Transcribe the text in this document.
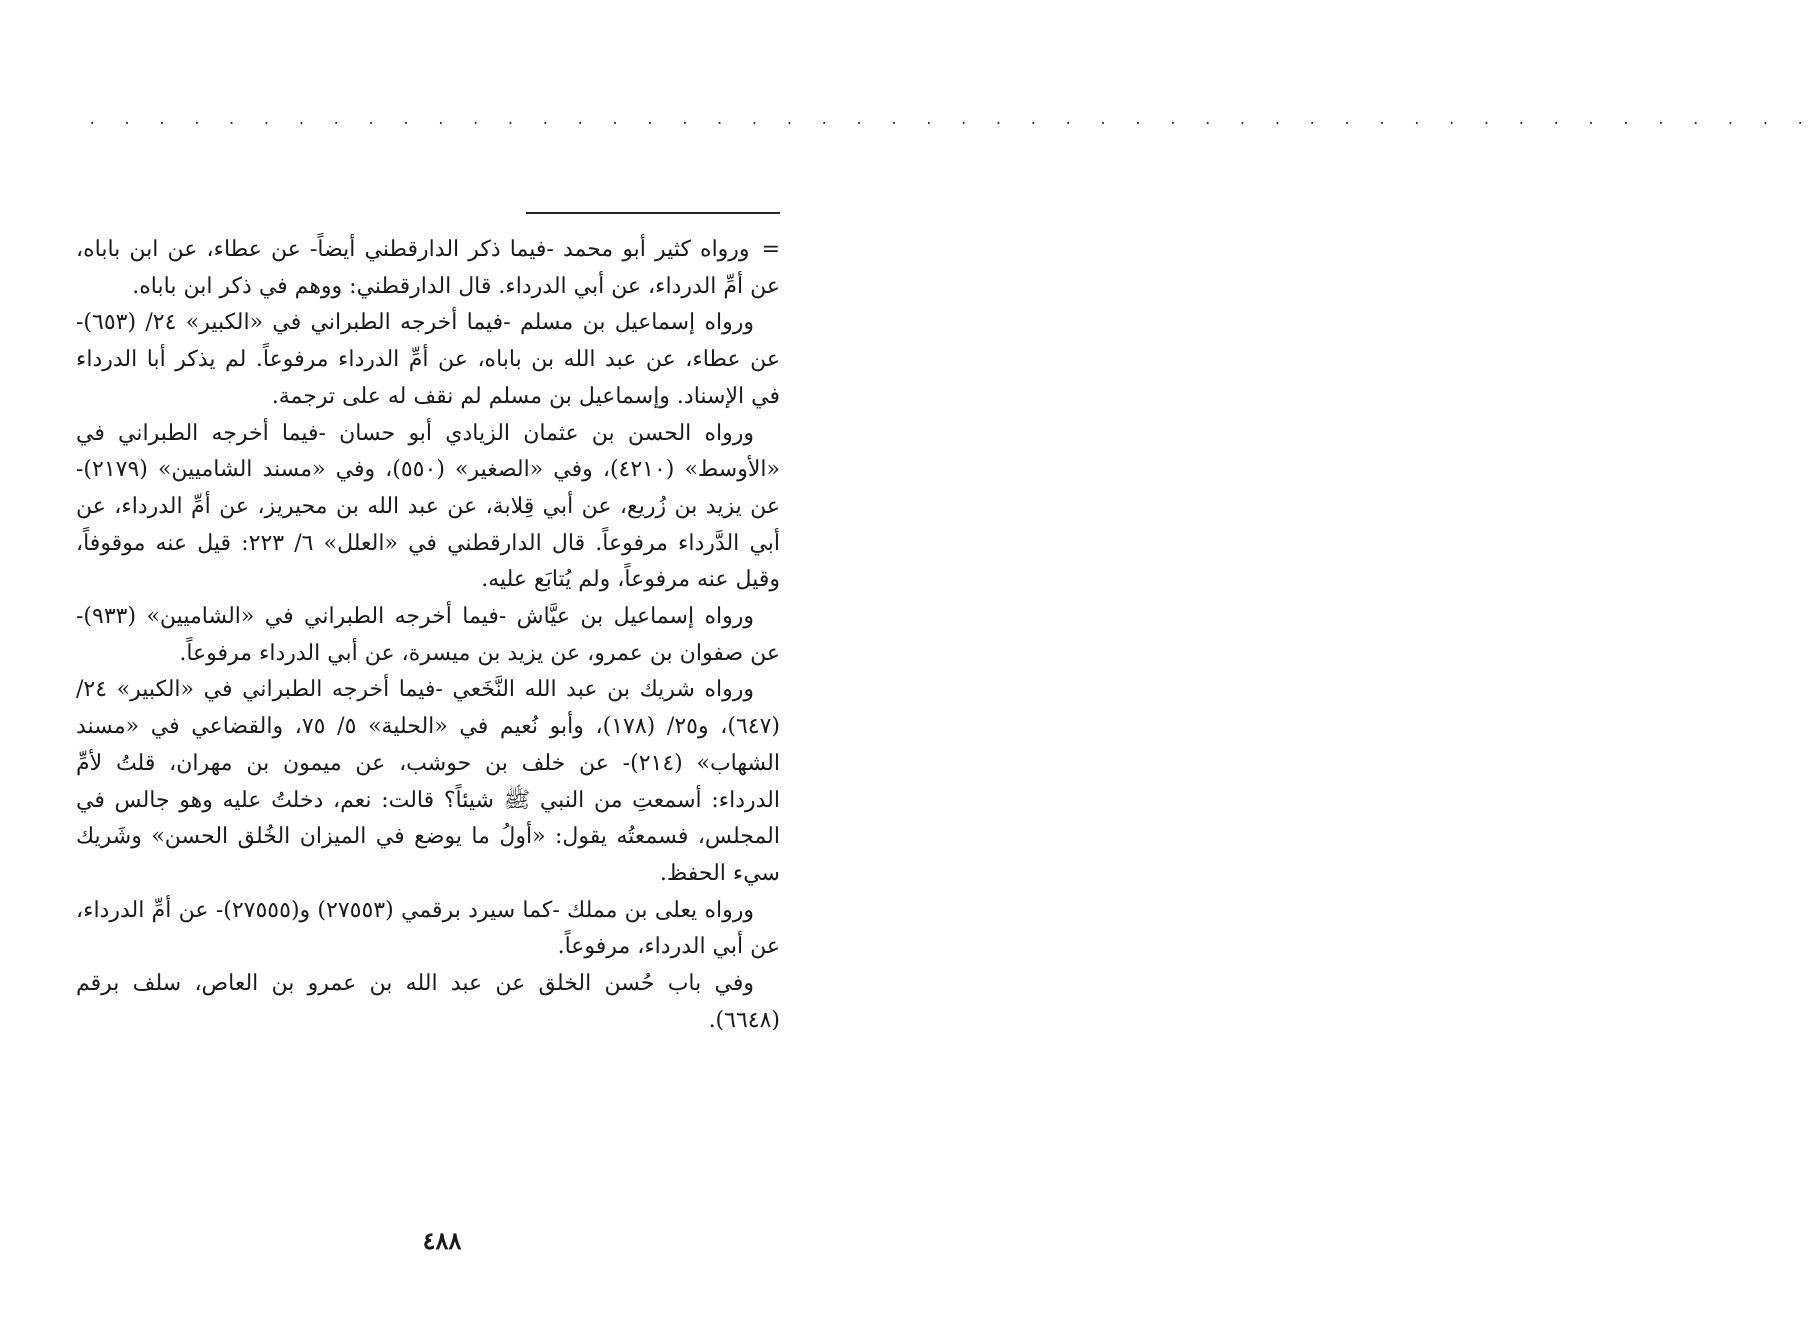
. . . . . . . . . . . . . . . . . . . . . . . . . . . . . . . . . . . . . . . . . . . . . . . . . .

=ورواه كثير أبو محمد -فيما ذكر الدارقطني أيضاً- عن عطاء، عن ابن باباه، عن أمِّ الدرداء، عن أبي الدرداء. قال الدارقطني: ووهم في ذكر ابن باباه.

ورواه إسماعيل بن مسلم -فيما أخرجه الطبراني في «الكبير» ٢٤/ (٦٥٣)- عن عطاء، عن عبد الله بن باباه، عن أمِّ الدرداء مرفوعاً. لم يذكر أبا الدرداء في الإسناد. وإسماعيل بن مسلم لم نقف له على ترجمة.

ورواه الحسن بن عثمان الزيادي أبو حسان -فيما أخرجه الطبراني في «الأوسط» (٤٢١٠)، وفي «الصغير» (٥٥٠)، وفي «مسند الشاميين» (٢١٧٩)- عن يزيد بن زُريع، عن أبي قِلابة، عن عبد الله بن محيريز، عن أمِّ الدرداء، عن أبي الدَّرداء مرفوعاً. قال الدارقطني في «العلل» ٦/ ٢٢٣: قيل عنه موقوفاً، وقيل عنه مرفوعاً، ولم يُتابَع عليه.

ورواه إسماعيل بن عيَّاش -فيما أخرجه الطبراني في «الشاميين» (٩٣٣)- عن صفوان بن عمرو، عن يزيد بن ميسرة، عن أبي الدرداء مرفوعاً.

ورواه شريك بن عبد الله النَّخَعي -فيما أخرجه الطبراني في «الكبير» ٢٤/ (٦٤٧)، و٢٥/ (١٧٨)، وأبو نُعيم في «الحلية» ٥/ ٧٥، والقضاعي في «مسند الشهاب» (٢١٤)- عن خلف بن حوشب، عن ميمون بن مهران، قلتُ لأمِّ الدرداء: أسمعتِ من النبي ﷺ شيئاً؟ قالت: نعم، دخلتُ عليه وهو جالس في المجلس، فسمعتُه يقول: «أولُ ما يوضع في الميزان الخُلق الحسن» وشَريك سيء الحفظ.

ورواه يعلى بن مملك -كما سيرد برقمي (٢٧٥٥٣) و(٢٧٥٥٥)- عن أمِّ الدرداء، عن أبي الدرداء، مرفوعاً.

وفي باب حُسن الخلق عن عبد الله بن عمرو بن العاص، سلف برقم (٦٦٤٨).

٤٨٨
